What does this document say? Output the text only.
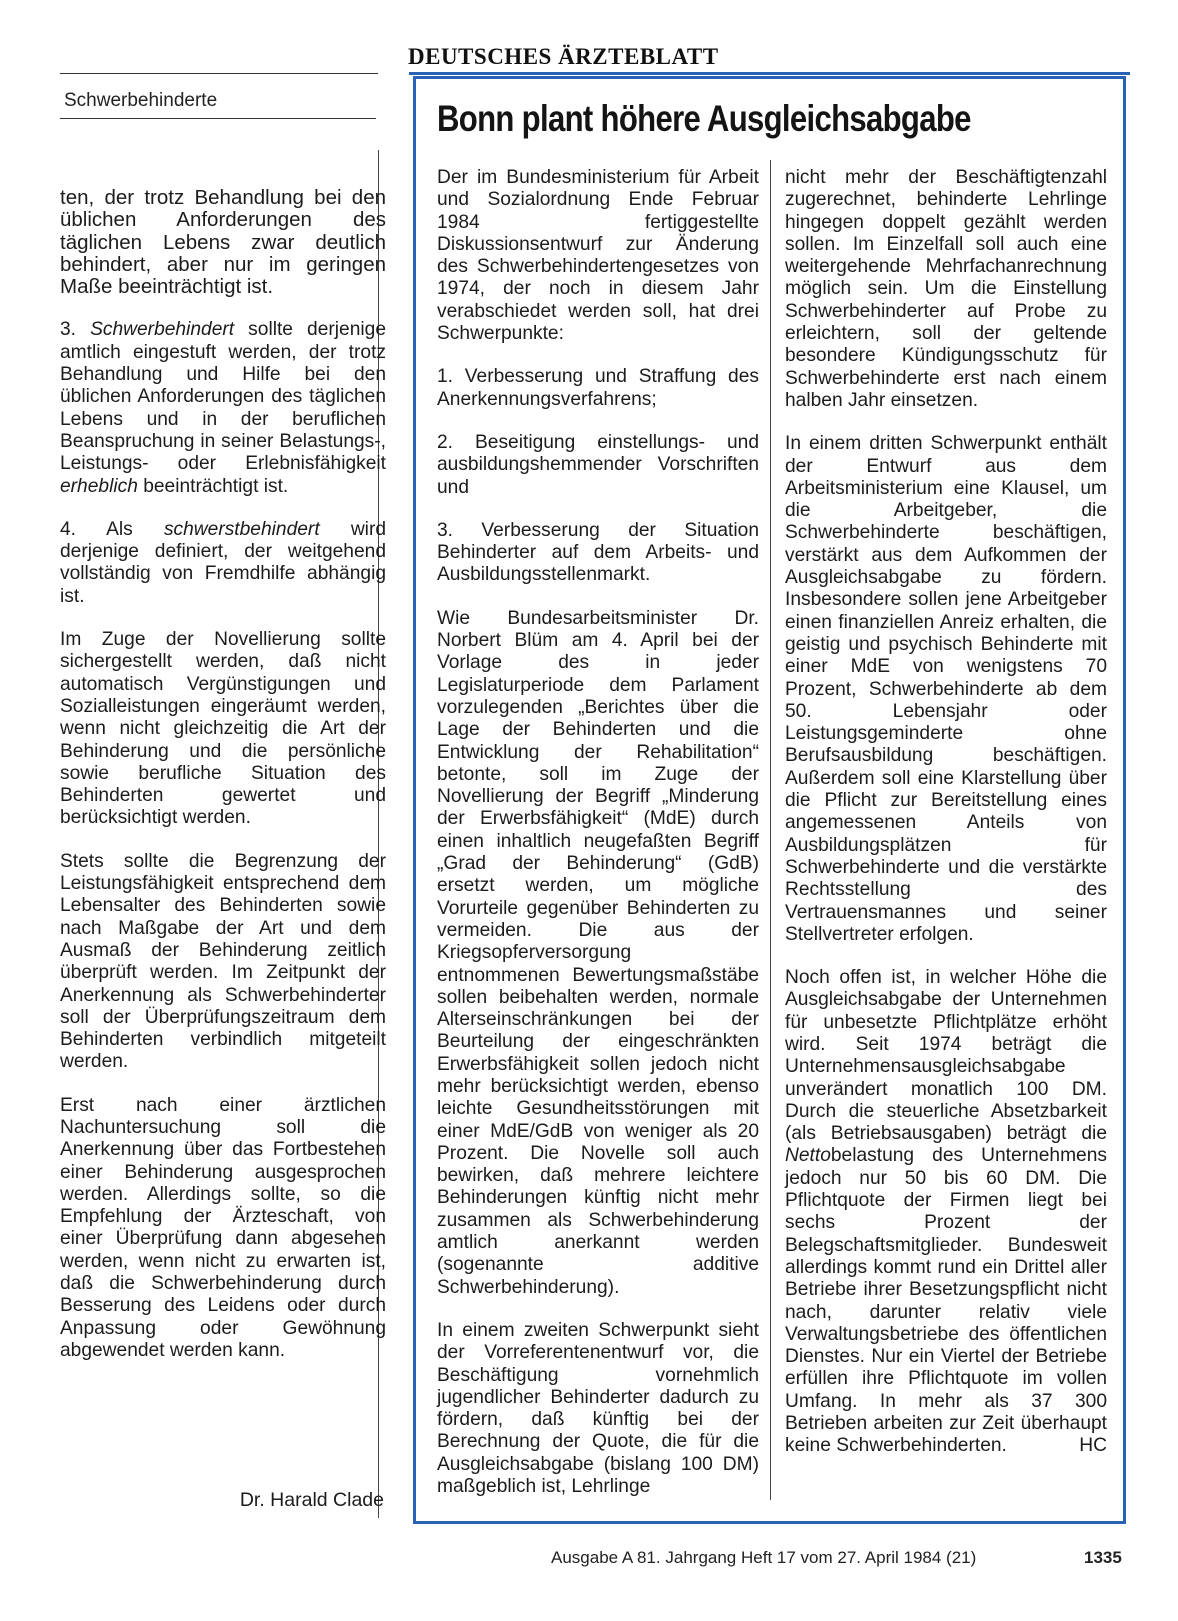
DEUTSCHES ÄRZTEBLATT
Schwerbehinderte	Bonn plant höhere Ausgleichsabgabe

ten, der trotz Behandlung bei den üblichen Anforderungen des täglichen Lebens zwar deutlich behindert, aber nur im geringen Maße beeinträchtigt ist.

3. Schwerbehindert sollte derjenige amtlich eingestuft werden, der trotz Behandlung und Hilfe bei den üblichen Anforderungen des täglichen Lebens und in der beruflichen Beanspruchung in seiner Belastungs-, Leistungs- oder Erlebnisfähigkeit erheblich beeinträchtigt ist.

4. Als schwerstbehindert wird derjenige definiert, der weitgehend vollständig von Fremdhilfe abhängig ist.

Im Zuge der Novellierung sollte sichergestellt werden, daß nicht automatisch Vergünstigungen und Sozialleistungen eingeräumt werden, wenn nicht gleichzeitig die Art der Behinderung und die persönliche sowie berufliche Situation des Behinderten gewertet und berücksichtigt werden.

Stets sollte die Begrenzung der Leistungsfähigkeit entsprechend dem Lebensalter des Behinderten sowie nach Maßgabe der Art und dem Ausmaß der Behinderung zeitlich überprüft werden. Im Zeitpunkt der Anerkennung als Schwerbehinderter soll der Überprüfungszeitraum dem Behinderten verbindlich mitgeteilt werden.

Erst nach einer ärztlichen Nachuntersuchung soll die Anerkennung über das Fortbestehen einer Behinderung ausgesprochen werden. Allerdings sollte, so die Empfehlung der Ärzteschaft, von einer Überprüfung dann abgesehen werden, wenn nicht zu erwarten ist, daß die Schwerbehinderung durch Besserung des Leidens oder durch Anpassung oder Gewöhnung abgewendet werden kann.

Dr. Harald Clade

Der im Bundesministerium für Arbeit und Sozialordnung Ende Februar 1984 fertiggestellte Diskussionsentwurf zur Änderung des Schwerbehindertengesetzes von 1974, der noch in diesem Jahr verabschiedet werden soll, hat drei Schwerpunkte:

1. Verbesserung und Straffung des Anerkennungsverfahrens;

2. Beseitigung einstellungs- und ausbildungshemmender Vorschriften und

3. Verbesserung der Situation Behinderter auf dem Arbeits- und Ausbildungsstellenmarkt.

Wie Bundesarbeitsminister Dr. Norbert Blüm am 4. April bei der Vorlage des in jeder Legislaturperiode dem Parlament vorzulegenden „Berichtes über die Lage der Behinderten und die Entwicklung der Rehabilitation“ betonte, soll im Zuge der Novellierung der Begriff „Minderung der Erwerbsfähigkeit“ (MdE) durch einen inhaltlich neugefaßten Begriff „Grad der Behinderung“ (GdB) ersetzt werden, um mögliche Vorurteile gegenüber Behinderten zu vermeiden. Die aus der Kriegsopferversorgung entnommenen Bewertungsmaßstäbe sollen beibehalten werden, normale Alterseinschränkungen bei der Beurteilung der eingeschränkten Erwerbsfähigkeit sollen jedoch nicht mehr berücksichtigt werden, ebenso leichte Gesundheitsstörungen mit einer MdE/GdB von weniger als 20 Prozent. Die Novelle soll auch bewirken, daß mehrere leichtere Behinderungen künftig nicht mehr zusammen als Schwerbehinderung amtlich anerkannt werden (sogenannte additive Schwerbehinderung).

In einem zweiten Schwerpunkt sieht der Vorreferentenentwurf vor, die Beschäftigung vornehmlich jugendlicher Behinderter dadurch zu fördern, daß künftig bei der Berechnung der Quote, die für die Ausgleichsabgabe (bislang 100 DM) maßgeblich ist, Lehrlinge

nicht mehr der Beschäftigtenzahl zugerechnet, behinderte Lehrlinge hingegen doppelt gezählt werden sollen. Im Einzelfall soll auch eine weitergehende Mehrfachanrechnung möglich sein. Um die Einstellung Schwerbehinderter auf Probe zu erleichtern, soll der geltende besondere Kündigungsschutz für Schwerbehinderte erst nach einem halben Jahr einsetzen.

In einem dritten Schwerpunkt enthält der Entwurf aus dem Arbeitsministerium eine Klausel, um die Arbeitgeber, die Schwerbehinderte beschäftigen, verstärkt aus dem Aufkommen der Ausgleichsabgabe zu fördern. Insbesondere sollen jene Arbeitgeber einen finanziellen Anreiz erhalten, die geistig und psychisch Behinderte mit einer MdE von wenigstens 70 Prozent, Schwerbehinderte ab dem 50. Lebensjahr oder Leistungsgeminderte ohne Berufsausbildung beschäftigen. Außerdem soll eine Klarstellung über die Pflicht zur Bereitstellung eines angemessenen Anteils von Ausbildungsplätzen für Schwerbehinderte und die verstärkte Rechtsstellung des Vertrauensmannes und seiner Stellvertreter erfolgen.

Noch offen ist, in welcher Höhe die Ausgleichsabgabe der Unternehmen für unbesetzte Pflichtplätze erhöht wird. Seit 1974 beträgt die Unternehmensausgleichsabgabe unverändert monatlich 100 DM. Durch die steuerliche Absetzbarkeit (als Betriebsausgaben) beträgt die Nettobelastung des Unternehmens jedoch nur 50 bis 60 DM. Die Pflichtquote der Firmen liegt bei sechs Prozent der Belegschaftsmitglieder. Bundesweit allerdings kommt rund ein Drittel aller Betriebe ihrer Besetzungspflicht nicht nach, darunter relativ viele Verwaltungsbetriebe des öffentlichen Dienstes. Nur ein Viertel der Betriebe erfüllen ihre Pflichtquote im vollen Umfang. In mehr als 37 300 Betrieben arbeiten zur Zeit überhaupt keine Schwerbehinderten.	HC

Ausgabe A 81. Jahrgang Heft 17 vom 27. April 1984 (21)	1335
